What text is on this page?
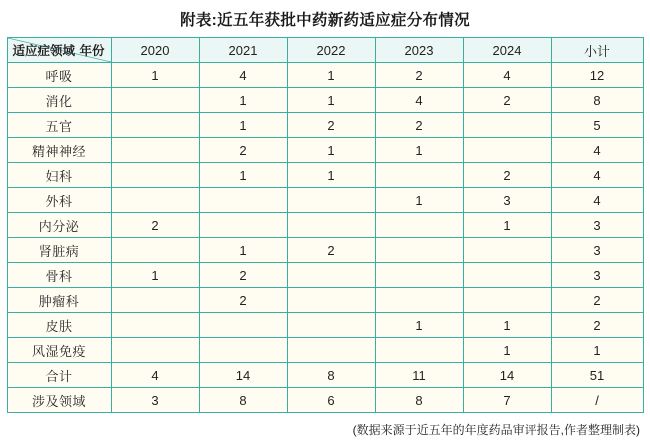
附表:近五年获批中药新药适应症分布情况
年份
适应症领域	2020	2021	2022	2023	2024	小计
呼吸	1	4	1	2	4	12
消化		1	1	4	2	8
五官		1	2	2		5
精神神经		2	1	1		4
妇科		1	1		2	4
外科				1	3	4
内分泌	2				1	3
肾脏病		1	2			3
骨科	1	2				3
肿瘤科		2				2
皮肤				1	1	2
风湿免疫					1	1
合计	4	14	8	11	14	51
涉及领域	3	8	6	8	7	/
(数据来源于近五年的年度药品审评报告,作者整理制表)
